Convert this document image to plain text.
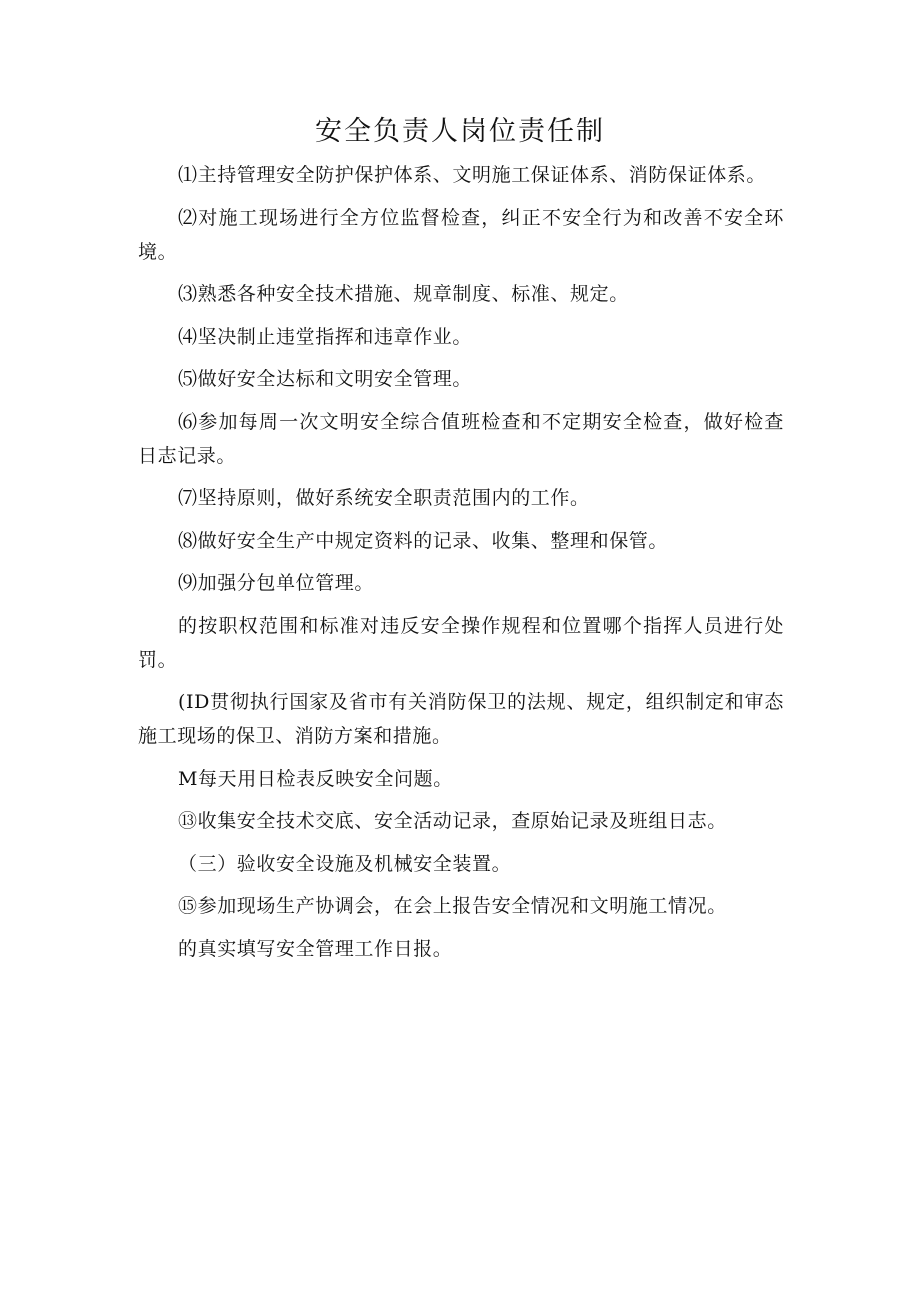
安全负责人岗位责任制

⑴主持管理安全防护保护体系、文明施工保证体系、消防保证体系。

⑵对施工现场进行全方位监督检查，纠正不安全行为和改善不安全环境。

⑶熟悉各种安全技术措施、规章制度、标准、规定。

⑷坚决制止违堂指挥和违章作业。

⑸做好安全达标和文明安全管理。

⑹参加每周一次文明安全综合值班检查和不定期安全检查，做好检查日志记录。

⑺坚持原则，做好系统安全职责范围内的工作。

⑻做好安全生产中规定资料的记录、收集、整理和保管。

⑼加强分包单位管理。

的按职权范围和标准对违反安全操作规程和位置哪个指挥人员进行处罚。

(ID贯彻执行国家及省市有关消防保卫的法规、规定，组织制定和审态施工现场的保卫、消防方案和措施。

M每天用日检表反映安全问题。

⑬收集安全技术交底、安全活动记录，查原始记录及班组日志。

（三）验收安全设施及机械安全装置。

⑮参加现场生产协调会，在会上报告安全情况和文明施工情况。

的真实填写安全管理工作日报。
